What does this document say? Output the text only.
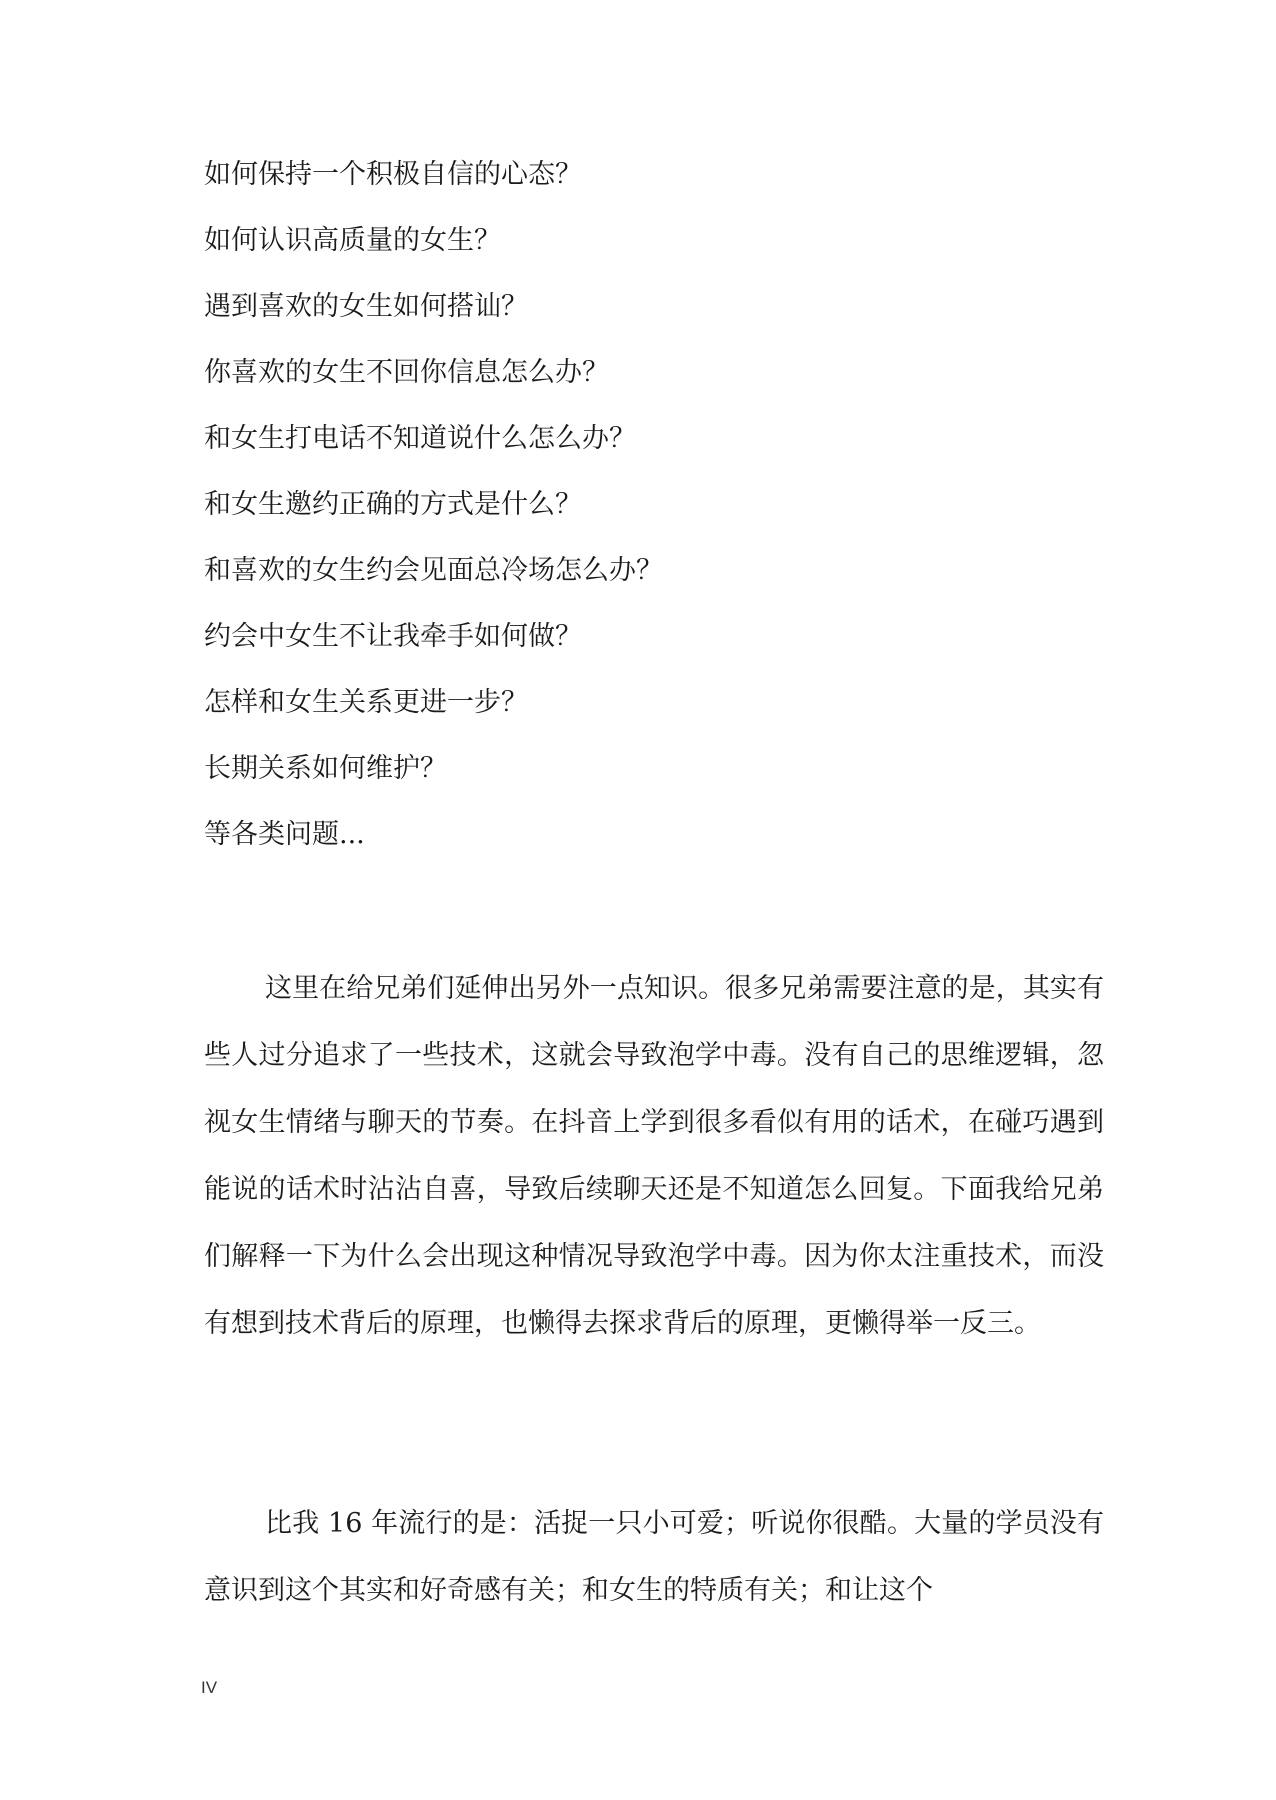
如何保持一个积极自信的心态？
如何认识高质量的女生？
遇到喜欢的女生如何搭讪？
你喜欢的女生不回你信息怎么办？
和女生打电话不知道说什么怎么办？
和女生邀约正确的方式是什么？
和喜欢的女生约会见面总冷场怎么办？
约会中女生不让我牵手如何做？
怎样和女生关系更进一步？
长期关系如何维护？
等各类问题...

这里在给兄弟们延伸出另外一点知识。很多兄弟需要注意的是，其实有些人过分追求了一些技术，这就会导致泡学中毒。没有自己的思维逻辑，忽视女生情绪与聊天的节奏。在抖音上学到很多看似有用的话术，在碰巧遇到能说的话术时沾沾自喜，导致后续聊天还是不知道怎么回复。下面我给兄弟们解释一下为什么会出现这种情况导致泡学中毒。因为你太注重技术，而没有想到技术背后的原理，也懒得去探求背后的原理，更懒得举一反三。

比我 16 年流行的是：活捉一只小可爱；听说你很酷。大量的学员没有意识到这个其实和好奇感有关；和女生的特质有关；和让这个

IV
